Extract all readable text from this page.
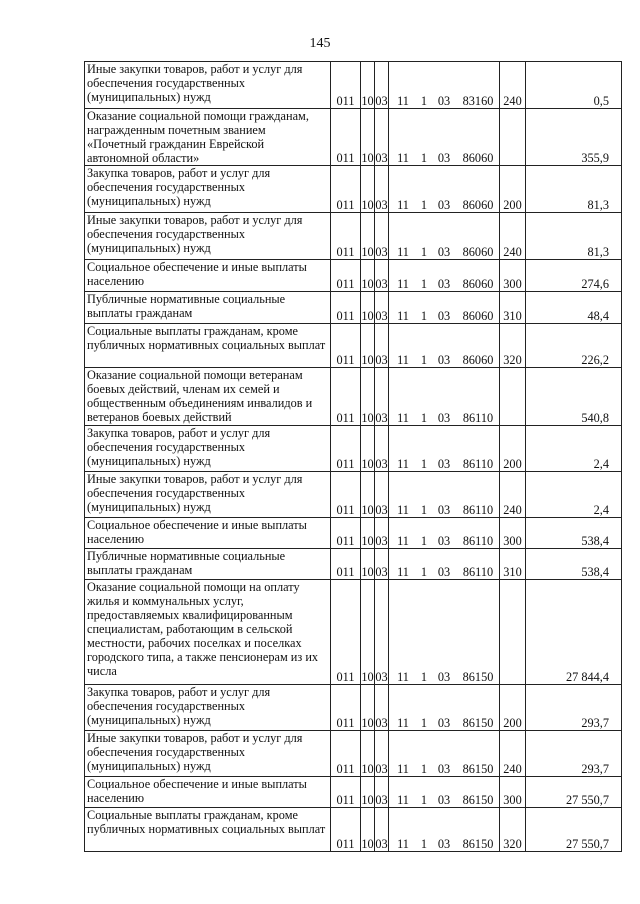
145
Иные закупки товаров, работ и услуг для обеспечения государственных (муниципальных) нужд	011	10	03	11 1 03 83160	240	0,5
Оказание социальной помощи гражданам, награжденным почетным званием «Почетный гражданин Еврейской автономной области»	011	10	03	11 1 03 86060		355,9
Закупка товаров, работ и услуг для обеспечения государственных (муниципальных) нужд	011	10	03	11 1 03 86060	200	81,3
Иные закупки товаров, работ и услуг для обеспечения государственных (муниципальных) нужд	011	10	03	11 1 03 86060	240	81,3
Социальное обеспечение и иные выплаты населению	011	10	03	11 1 03 86060	300	274,6
Публичные нормативные социальные выплаты гражданам	011	10	03	11 1 03 86060	310	48,4
Социальные выплаты гражданам, кроме публичных нормативных социальных выплат	011	10	03	11 1 03 86060	320	226,2
Оказание социальной помощи ветеранам боевых действий, членам их семей и общественным объединениям инвалидов и ветеранов боевых действий	011	10	03	11 1 03 86110		540,8
Закупка товаров, работ и услуг для обеспечения государственных (муниципальных) нужд	011	10	03	11 1 03 86110	200	2,4
Иные закупки товаров, работ и услуг для обеспечения государственных (муниципальных) нужд	011	10	03	11 1 03 86110	240	2,4
Социальное обеспечение и иные выплаты населению	011	10	03	11 1 03 86110	300	538,4
Публичные нормативные социальные выплаты гражданам	011	10	03	11 1 03 86110	310	538,4
Оказание социальной помощи на оплату жилья и коммунальных услуг, предоставляемых квалифицированным специалистам, работающим в сельской местности, рабочих поселках и поселках городского типа, а также пенсионерам из их числа	011	10	03	11 1 03 86150		27 844,4
Закупка товаров, работ и услуг для обеспечения государственных (муниципальных) нужд	011	10	03	11 1 03 86150	200	293,7
Иные закупки товаров, работ и услуг для обеспечения государственных (муниципальных) нужд	011	10	03	11 1 03 86150	240	293,7
Социальное обеспечение и иные выплаты населению	011	10	03	11 1 03 86150	300	27 550,7
Социальные выплаты гражданам, кроме публичных нормативных социальных выплат	011	10	03	11 1 03 86150	320	27 550,7
